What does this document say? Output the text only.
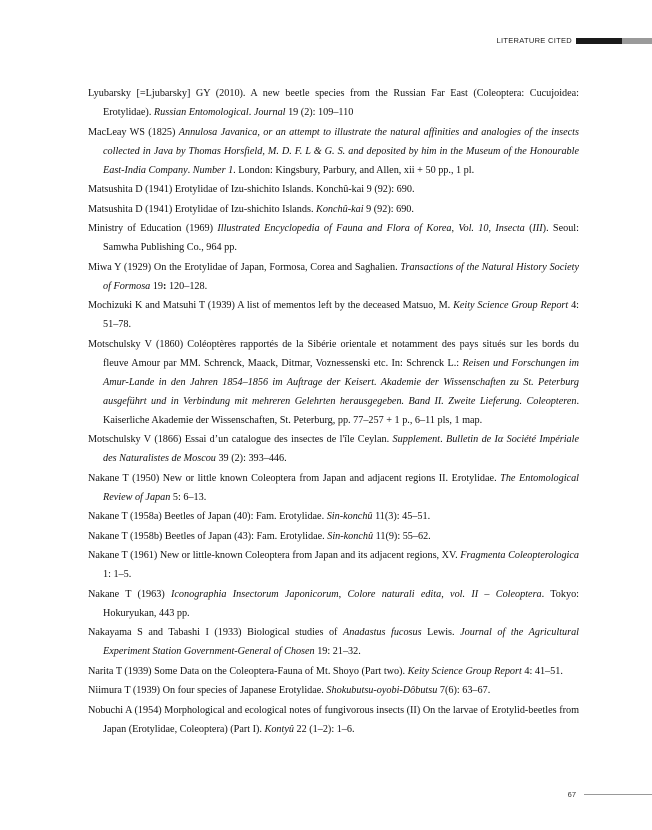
LITERATURE CITED

Lyubarsky [=Ljubarsky] GY (2010). A new beetle species from the Russian Far East (Coleoptera: Cucujoidea: Erotylidae). Russian Entomological. Journal 19 (2): 109–110

MacLeay WS (1825) Annulosa Javanica, or an attempt to illustrate the natural affinities and analogies of the insects collected in Java by Thomas Horsfield, M. D. F. L & G. S. and deposited by him in the Museum of the Honourable East-India Company. Number 1. London: Kingsbury, Parbury, and Allen, xii + 50 pp., 1 pl.

Matsushita D (1941) Erotylidae of Izu-shichito Islands. Konchû-kai 9 (92): 690.

Matsushita D (1941) Erotylidae of Izu-shichito Islands. Konchû-kai 9 (92): 690.

Ministry of Education (1969) Illustrated Encyclopedia of Fauna and Flora of Korea, Vol. 10, Insecta (III). Seoul: Samwha Publishing Co., 964 pp.

Miwa Y (1929) On the Erotylidae of Japan, Formosa, Corea and Saghalien. Transactions of the Natural History Society of Formosa 19: 120–128.

Mochizuki K and Matsuhi T (1939) A list of mementos left by the deceased Matsuo, M. Keity Science Group Report 4: 51–78.

Motschulsky V (1860) Coléoptères rapportés de la Sibérie orientale et notamment des pays situés sur les bords du fleuve Amour par MM. Schrenck, Maack, Ditmar, Voznessenski etc. In: Schrenck L.: Reisen und Forschungen im Amur-Lande in den Jahren 1854–1856 im Auftrage der Keisert. Akademie der Wissenschaften zu St. Peterburg ausgeführt und in Verbindung mit mehreren Gelehrten herausgegeben. Band II. Zweite Lieferung. Coleopteren. Kaiserliche Akademie der Wissenschaften, St. Peterburg, pp. 77–257 + 1 p., 6–11 pls, 1 map.

Motschulsky V (1866) Essai d’un catalogue des insectes de l'île Ceylan. Supplement. Bulletin de Iα Société Impériale des Naturalistes de Moscou 39 (2): 393–446.

Nakane T (1950) New or little known Coleoptera from Japan and adjacent regions II. Erotylidae. The Entomological Review of Japan 5: 6–13.

Nakane T (1958a) Beetles of Japan (40): Fam. Erotylidae. Sin-konchû 11(3): 45–51.

Nakane T (1958b) Beetles of Japan (43): Fam. Erotylidae. Sin-konchû 11(9): 55–62.

Nakane T (1961) New or little-known Coleoptera from Japan and its adjacent regions, XV. Fragmenta Coleopterologica 1: 1–5.

Nakane T (1963) Iconographia Insectorum Japonicorum, Colore naturali edita, vol. II – Coleoptera. Tokyo: Hokuryukan, 443 pp.

Nakayama S and Tabashi I (1933) Biological studies of Anadastus fucosus Lewis. Journal of the Agricultural Experiment Station Government-General of Chosen 19: 21–32.

Narita T (1939) Some Data on the Coleoptera-Fauna of Mt. Shoyo (Part two). Keity Science Group Report 4: 41–51.

Niimura T (1939) On four species of Japanese Erotylidae. Shokubutsu-oyobi-Dôbutsu 7(6): 63–67.

Nobuchi A (1954) Morphological and ecological notes of fungivorous insects (II) On the larvae of Erotylid-beetles from Japan (Erotylidae, Coleoptera) (Part I). Kontyû 22 (1–2): 1–6.

67
